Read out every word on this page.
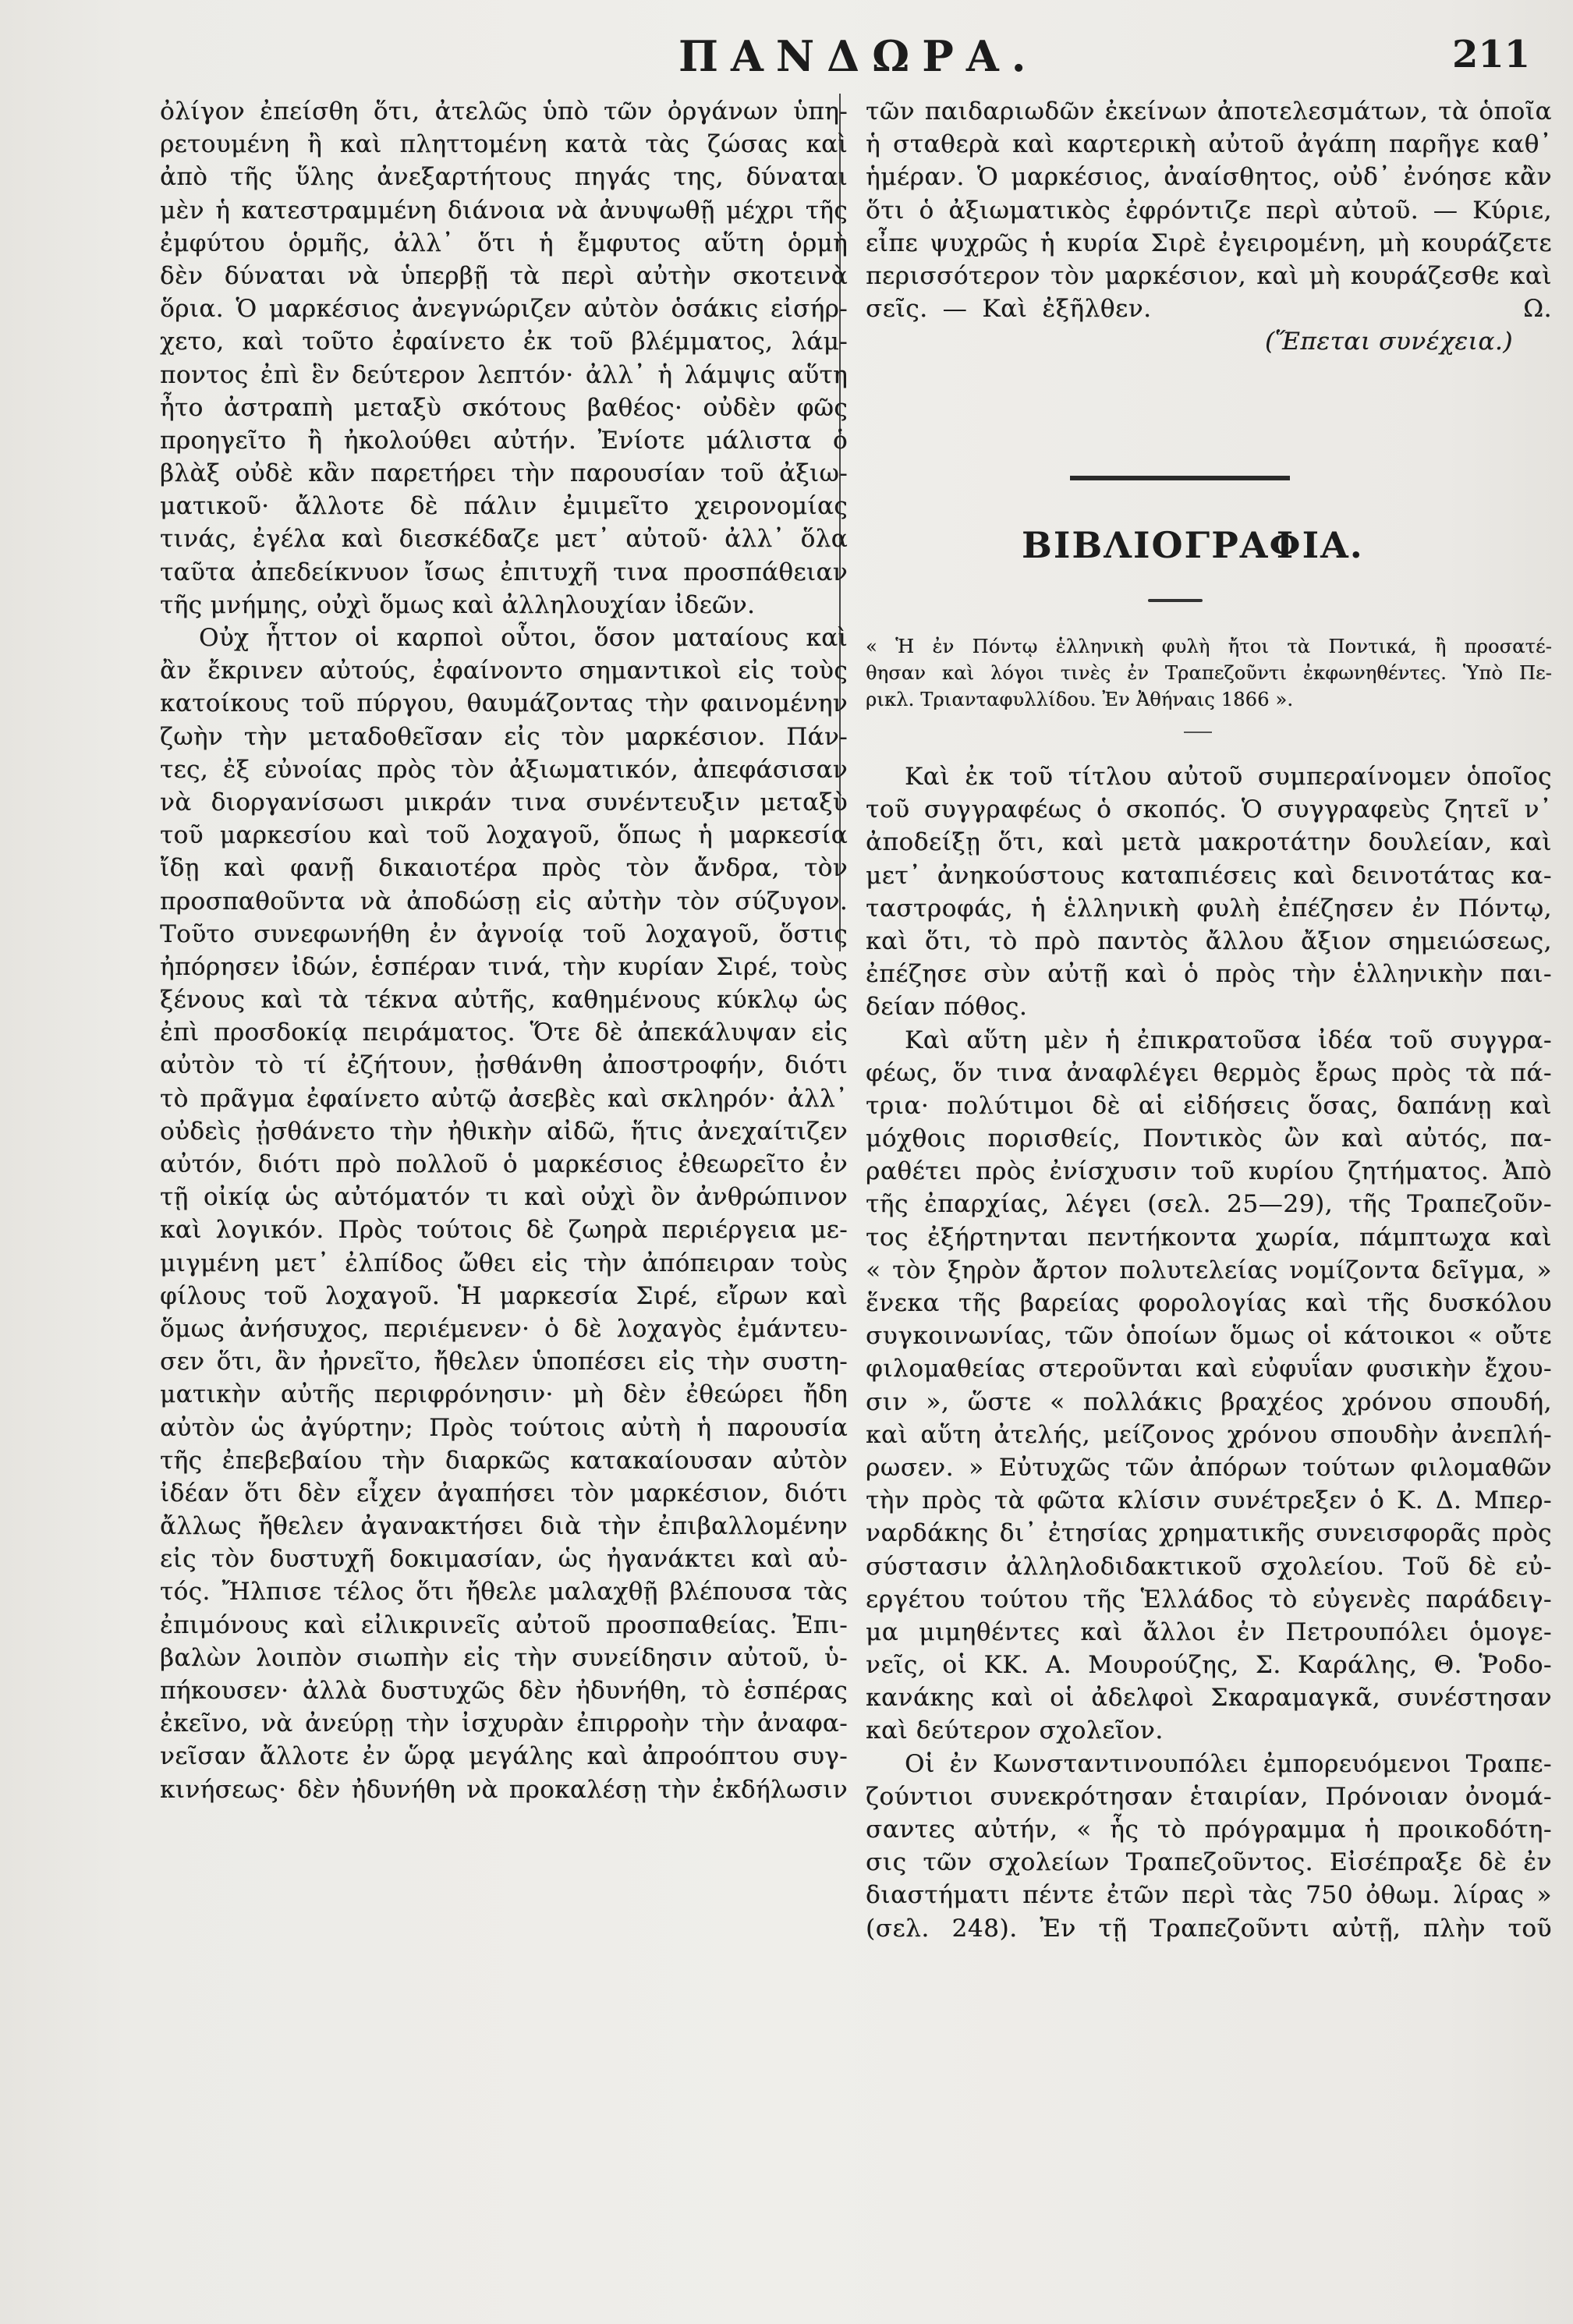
ΠΑΝΔΩΡΑ.	211
ὀλίγον ἐπείσθη ὅτι, ἀτελῶς ὑπὸ τῶν ὀργάνων ὑπη-
ρετουμένη ἢ καὶ πληττομένη κατὰ τὰς ζώσας καὶ
ἀπὸ τῆς ὕλης ἀνεξαρτήτους πηγάς της, δύναται
μὲν ἡ κατεστραμμένη διάνοια νὰ ἀνυψωθῇ μέχρι τῆς
ἐμφύτου ὁρμῆς, ἀλλ᾽ ὅτι ἡ ἔμφυτος αὕτη ὁρμὴ
δὲν δύναται νὰ ὑπερβῇ τὰ περὶ αὐτὴν σκοτεινὰ
ὅρια. Ὁ μαρκέσιος ἀνεγνώριζεν αὐτὸν ὁσάκις εἰσήρ-
χετο, καὶ τοῦτο ἐφαίνετο ἐκ τοῦ βλέμματος, λάμ-
ποντος ἐπὶ ἓν δεύτερον λεπτόν· ἀλλ᾽ ἡ λάμψις αὕτη
ἦτο ἀστραπὴ μεταξὺ σκότους βαθέος· οὐδὲν φῶς
προηγεῖτο ἢ ἠκολούθει αὐτήν. Ἐνίοτε μάλιστα ὁ
βλὰξ οὐδὲ κἂν παρετήρει τὴν παρουσίαν τοῦ ἀξιω-
ματικοῦ· ἄλλοτε δὲ πάλιν ἐμιμεῖτο χειρονομίας
τινάς, ἐγέλα καὶ διεσκέδαζε μετ᾽ αὐτοῦ· ἀλλ᾽ ὅλα
ταῦτα ἀπεδείκνυον ἴσως ἐπιτυχῆ τινα προσπάθειαν
τῆς μνήμης, οὐχὶ ὅμως καὶ ἀλληλουχίαν ἰδεῶν.
Οὐχ ἧττον οἱ καρποὶ οὗτοι, ὅσον ματαίους καὶ
ἂν ἔκρινεν αὐτούς, ἐφαίνοντο σημαντικοὶ εἰς τοὺς
κατοίκους τοῦ πύργου, θαυμάζοντας τὴν φαινομένην
ζωὴν τὴν μεταδοθεῖσαν εἰς τὸν μαρκέσιον. Πάν-
τες, ἐξ εὐνοίας πρὸς τὸν ἀξιωματικόν, ἀπεφάσισαν
νὰ διοργανίσωσι μικράν τινα συνέντευξιν μεταξὺ
τοῦ μαρκεσίου καὶ τοῦ λοχαγοῦ, ὅπως ἡ μαρκεσία
ἴδῃ καὶ φανῇ δικαιοτέρα πρὸς τὸν ἄνδρα, τὸν
προσπαθοῦντα νὰ ἀποδώσῃ εἰς αὐτὴν τὸν σύζυγον.
Τοῦτο συνεφωνήθη ἐν ἀγνοίᾳ τοῦ λοχαγοῦ, ὅστις
ἠπόρησεν ἰδών, ἑσπέραν τινά, τὴν κυρίαν Σιρέ, τοὺς
ξένους καὶ τὰ τέκνα αὐτῆς, καθημένους κύκλῳ ὡς
ἐπὶ προσδοκίᾳ πειράματος. Ὅτε δὲ ἀπεκάλυψαν εἰς
αὐτὸν τὸ τί ἐζήτουν, ᾐσθάνθη ἀποστροφήν, διότι
τὸ πρᾶγμα ἐφαίνετο αὐτῷ ἀσεβὲς καὶ σκληρόν· ἀλλ᾽
οὐδεὶς ᾐσθάνετο τὴν ἠθικὴν αἰδῶ, ἥτις ἀνεχαίτιζεν
αὐτόν, διότι πρὸ πολλοῦ ὁ μαρκέσιος ἐθεωρεῖτο ἐν
τῇ οἰκίᾳ ὡς αὐτόματόν τι καὶ οὐχὶ ὂν ἀνθρώπινον
καὶ λογικόν. Πρὸς τούτοις δὲ ζωηρὰ περιέργεια με-
μιγμένη μετ᾽ ἐλπίδος ὤθει εἰς τὴν ἀπόπειραν τοὺς
φίλους τοῦ λοχαγοῦ. Ἡ μαρκεσία Σιρέ, εἴρων καὶ
ὅμως ἀνήσυχος, περιέμενεν· ὁ δὲ λοχαγὸς ἐμάντευ-
σεν ὅτι, ἂν ἠρνεῖτο, ἤθελεν ὑποπέσει εἰς τὴν συστη-
ματικὴν αὐτῆς περιφρόνησιν· μὴ δὲν ἐθεώρει ἤδη
αὐτὸν ὡς ἀγύρτην; Πρὸς τούτοις αὐτὴ ἡ παρουσία
τῆς ἐπεβεβαίου τὴν διαρκῶς κατακαίουσαν αὐτὸν
ἰδέαν ὅτι δὲν εἶχεν ἀγαπήσει τὸν μαρκέσιον, διότι
ἄλλως ἤθελεν ἀγανακτήσει διὰ τὴν ἐπιβαλλομένην
εἰς τὸν δυστυχῆ δοκιμασίαν, ὡς ἠγανάκτει καὶ αὐ-
τός. Ἤλπισε τέλος ὅτι ἤθελε μαλαχθῇ βλέπουσα τὰς
ἐπιμόνους καὶ εἰλικρινεῖς αὐτοῦ προσπαθείας. Ἐπι-
βαλὼν λοιπὸν σιωπὴν εἰς τὴν συνείδησιν αὐτοῦ, ὑ-
πήκουσεν· ἀλλὰ δυστυχῶς δὲν ἠδυνήθη, τὸ ἑσπέρας
ἐκεῖνο, νὰ ἀνεύρῃ τὴν ἰσχυρὰν ἐπιρροὴν τὴν ἀναφα-
νεῖσαν ἄλλοτε ἐν ὥρᾳ μεγάλης καὶ ἀπροόπτου συγ-
κινήσεως· δὲν ἠδυνήθη νὰ προκαλέσῃ τὴν ἐκδήλωσιν
τῶν παιδαριωδῶν ἐκείνων ἀποτελεσμάτων, τὰ ὁποῖα
ἡ σταθερὰ καὶ καρτερικὴ αὐτοῦ ἀγάπη παρῆγε καθ᾽
ἡμέραν. Ὁ μαρκέσιος, ἀναίσθητος, οὐδ᾽ ἐνόησε κἂν
ὅτι ὁ ἀξιωματικὸς ἐφρόντιζε περὶ αὐτοῦ. — Κύριε,
εἶπε ψυχρῶς ἡ κυρία Σιρὲ ἐγειρομένη, μὴ κουράζετε
περισσότερον τὸν μαρκέσιον, καὶ μὴ κουράζεσθε καὶ
σεῖς. — Καὶ ἐξῆλθεν.                         Ω.
(Ἕπεται συνέχεια.)
ΒΙΒΛΙΟΓΡΑΦΙΑ.
« Ἡ ἐν Πόντῳ ἑλληνικὴ φυλὴ ἤτοι τὰ Ποντικά, ἢ προσατέ-
θησαν καὶ λόγοι τινὲς ἐν Τραπεζοῦντι ἐκφωνηθέντες. Ὑπὸ Πε-
ρικλ. Τριανταφυλλίδου. Ἐν Ἀθήναις 1866 ».
Καὶ ἐκ τοῦ τίτλου αὐτοῦ συμπεραίνομεν ὁποῖος
τοῦ συγγραφέως ὁ σκοπός. Ὁ συγγραφεὺς ζητεῖ ν᾽
ἀποδείξῃ ὅτι, καὶ μετὰ μακροτάτην δουλείαν, καὶ
μετ᾽ ἀνηκούστους καταπιέσεις καὶ δεινοτάτας κα-
ταστροφάς, ἡ ἑλληνικὴ φυλὴ ἐπέζησεν ἐν Πόντῳ,
καὶ ὅτι, τὸ πρὸ παντὸς ἄλλου ἄξιον σημειώσεως,
ἐπέζησε σὺν αὐτῇ καὶ ὁ πρὸς τὴν ἑλληνικὴν παι-
δείαν πόθος.
Καὶ αὕτη μὲν ἡ ἐπικρατοῦσα ἰδέα τοῦ συγγρα-
φέως, ὅν τινα ἀναφλέγει θερμὸς ἔρως πρὸς τὰ πά-
τρια· πολύτιμοι δὲ αἱ εἰδήσεις ὅσας, δαπάνῃ καὶ
μόχθοις πορισθείς, Ποντικὸς ὢν καὶ αὐτός, πα-
ραθέτει πρὸς ἐνίσχυσιν τοῦ κυρίου ζητήματος. Ἀπὸ
τῆς ἐπαρχίας, λέγει (σελ. 25—29), τῆς Τραπεζοῦν-
τος ἐξήρτηνται πεντήκοντα χωρία, πάμπτωχα καὶ
« τὸν ξηρὸν ἄρτον πολυτελείας νομίζοντα δεῖγμα, »
ἕνεκα τῆς βαρείας φορολογίας καὶ τῆς δυσκόλου
συγκοινωνίας, τῶν ὁποίων ὅμως οἱ κάτοικοι « οὔτε
φιλομαθείας στεροῦνται καὶ εὐφυΐαν φυσικὴν ἔχου-
σιν », ὥστε « πολλάκις βραχέος χρόνου σπουδή,
καὶ αὕτη ἀτελής, μείζονος χρόνου σπουδὴν ἀνεπλή-
ρωσεν. » Εὐτυχῶς τῶν ἀπόρων τούτων φιλομαθῶν
τὴν πρὸς τὰ φῶτα κλίσιν συνέτρεξεν ὁ Κ. Δ. Μπερ-
ναρδάκης δι᾽ ἐτησίας χρηματικῆς συνεισφορᾶς πρὸς
σύστασιν ἀλληλοδιδακτικοῦ σχολείου. Τοῦ δὲ εὐ-
εργέτου τούτου τῆς Ἑλλάδος τὸ εὐγενὲς παράδειγ-
μα μιμηθέντες καὶ ἄλλοι ἐν Πετρουπόλει ὁμογε-
νεῖς, οἱ ΚΚ. Α. Μουρούζης, Σ. Καράλης, Θ. Ῥοδο-
κανάκης καὶ οἱ ἀδελφοὶ Σκαραμαγκᾶ, συνέστησαν
καὶ δεύτερον σχολεῖον.
Οἱ ἐν Κωνσταντινουπόλει ἐμπορευόμενοι Τραπε-
ζούντιοι συνεκρότησαν ἑταιρίαν, Πρόνοιαν ὀνομά-
σαντες αὐτήν, « ἧς τὸ πρόγραμμα ἡ προικοδότη-
σις τῶν σχολείων Τραπεζοῦντος. Εἰσέπραξε δὲ ἐν
διαστήματι πέντε ἐτῶν περὶ τὰς 750 ὀθωμ. λίρας »
(σελ. 248). Ἐν τῇ Τραπεζοῦντι αὐτῇ, πλὴν τοῦ
